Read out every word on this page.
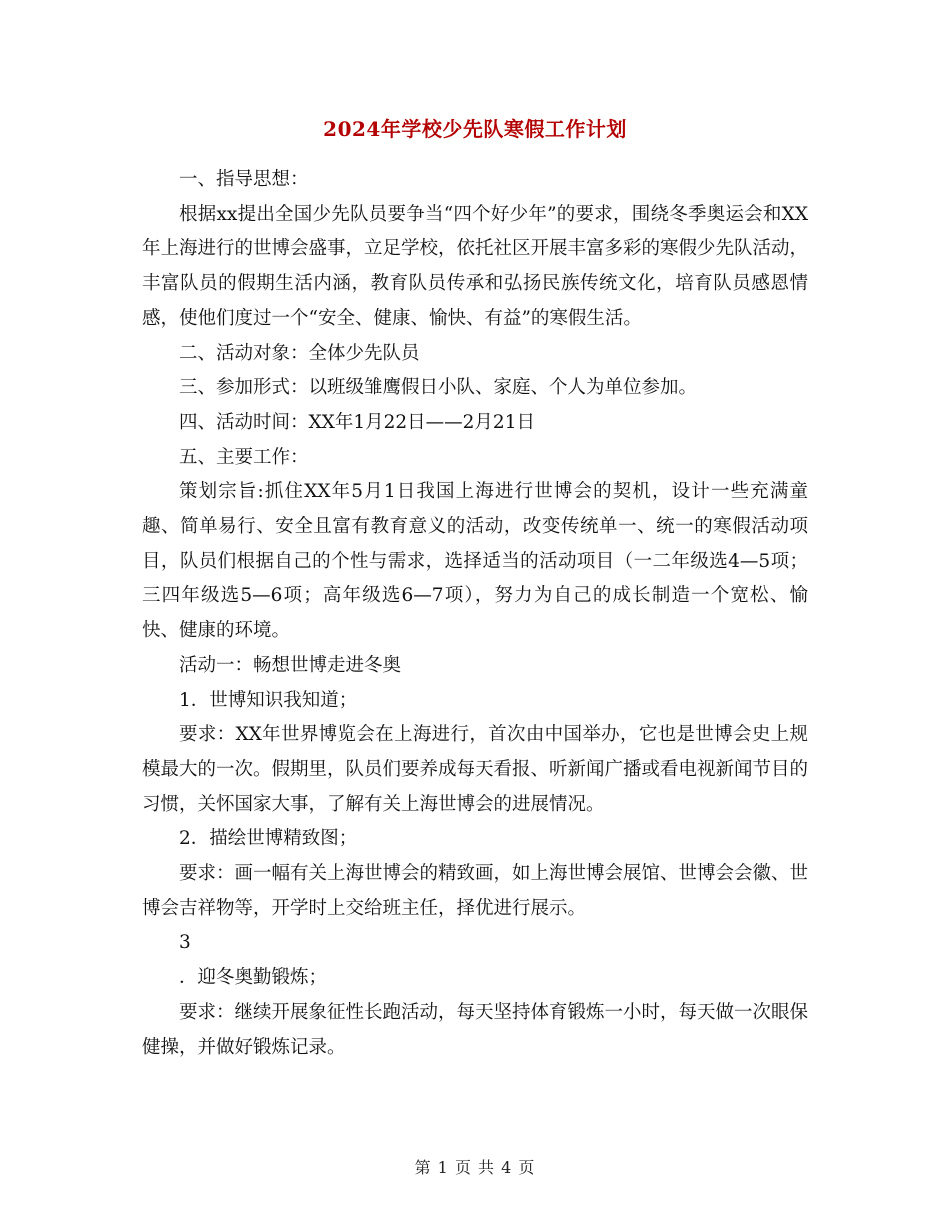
2024年学校少先队寒假工作计划

一、指导思想：

根据xx提出全国少先队员要争当“四个好少年”的要求，围绕冬季奥运会和XX年上海进行的世博会盛事，立足学校，依托社区开展丰富多彩的寒假少先队活动，丰富队员的假期生活内涵，教育队员传承和弘扬民族传统文化，培育队员感恩情感，使他们度过一个“安全、健康、愉快、有益”的寒假生活。

二、活动对象：全体少先队员

三、参加形式：以班级雏鹰假日小队、家庭、个人为单位参加。

四、活动时间：XX年1月22日——2月21日

五、主要工作：

策划宗旨:抓住XX年5月1日我国上海进行世博会的契机，设计一些充满童趣、简单易行、安全且富有教育意义的活动，改变传统单一、统一的寒假活动项目，队员们根据自己的个性与需求，选择适当的活动项目（一二年级选4—5项；三四年级选5—6项；高年级选6—7项），努力为自己的成长制造一个宽松、愉快、健康的环境。

活动一：畅想世博走进冬奥

1．世博知识我知道；

要求：XX年世界博览会在上海进行，首次由中国举办，它也是世博会史上规模最大的一次。假期里，队员们要养成每天看报、听新闻广播或看电视新闻节目的习惯，关怀国家大事，了解有关上海世博会的进展情况。

2．描绘世博精致图；

要求：画一幅有关上海世博会的精致画，如上海世博会展馆、世博会会徽、世博会吉祥物等，开学时上交给班主任，择优进行展示。

3

．迎冬奥勤锻炼；

要求：继续开展象征性长跑活动，每天坚持体育锻炼一小时，每天做一次眼保健操，并做好锻炼记录。

第 1 页 共 4 页
